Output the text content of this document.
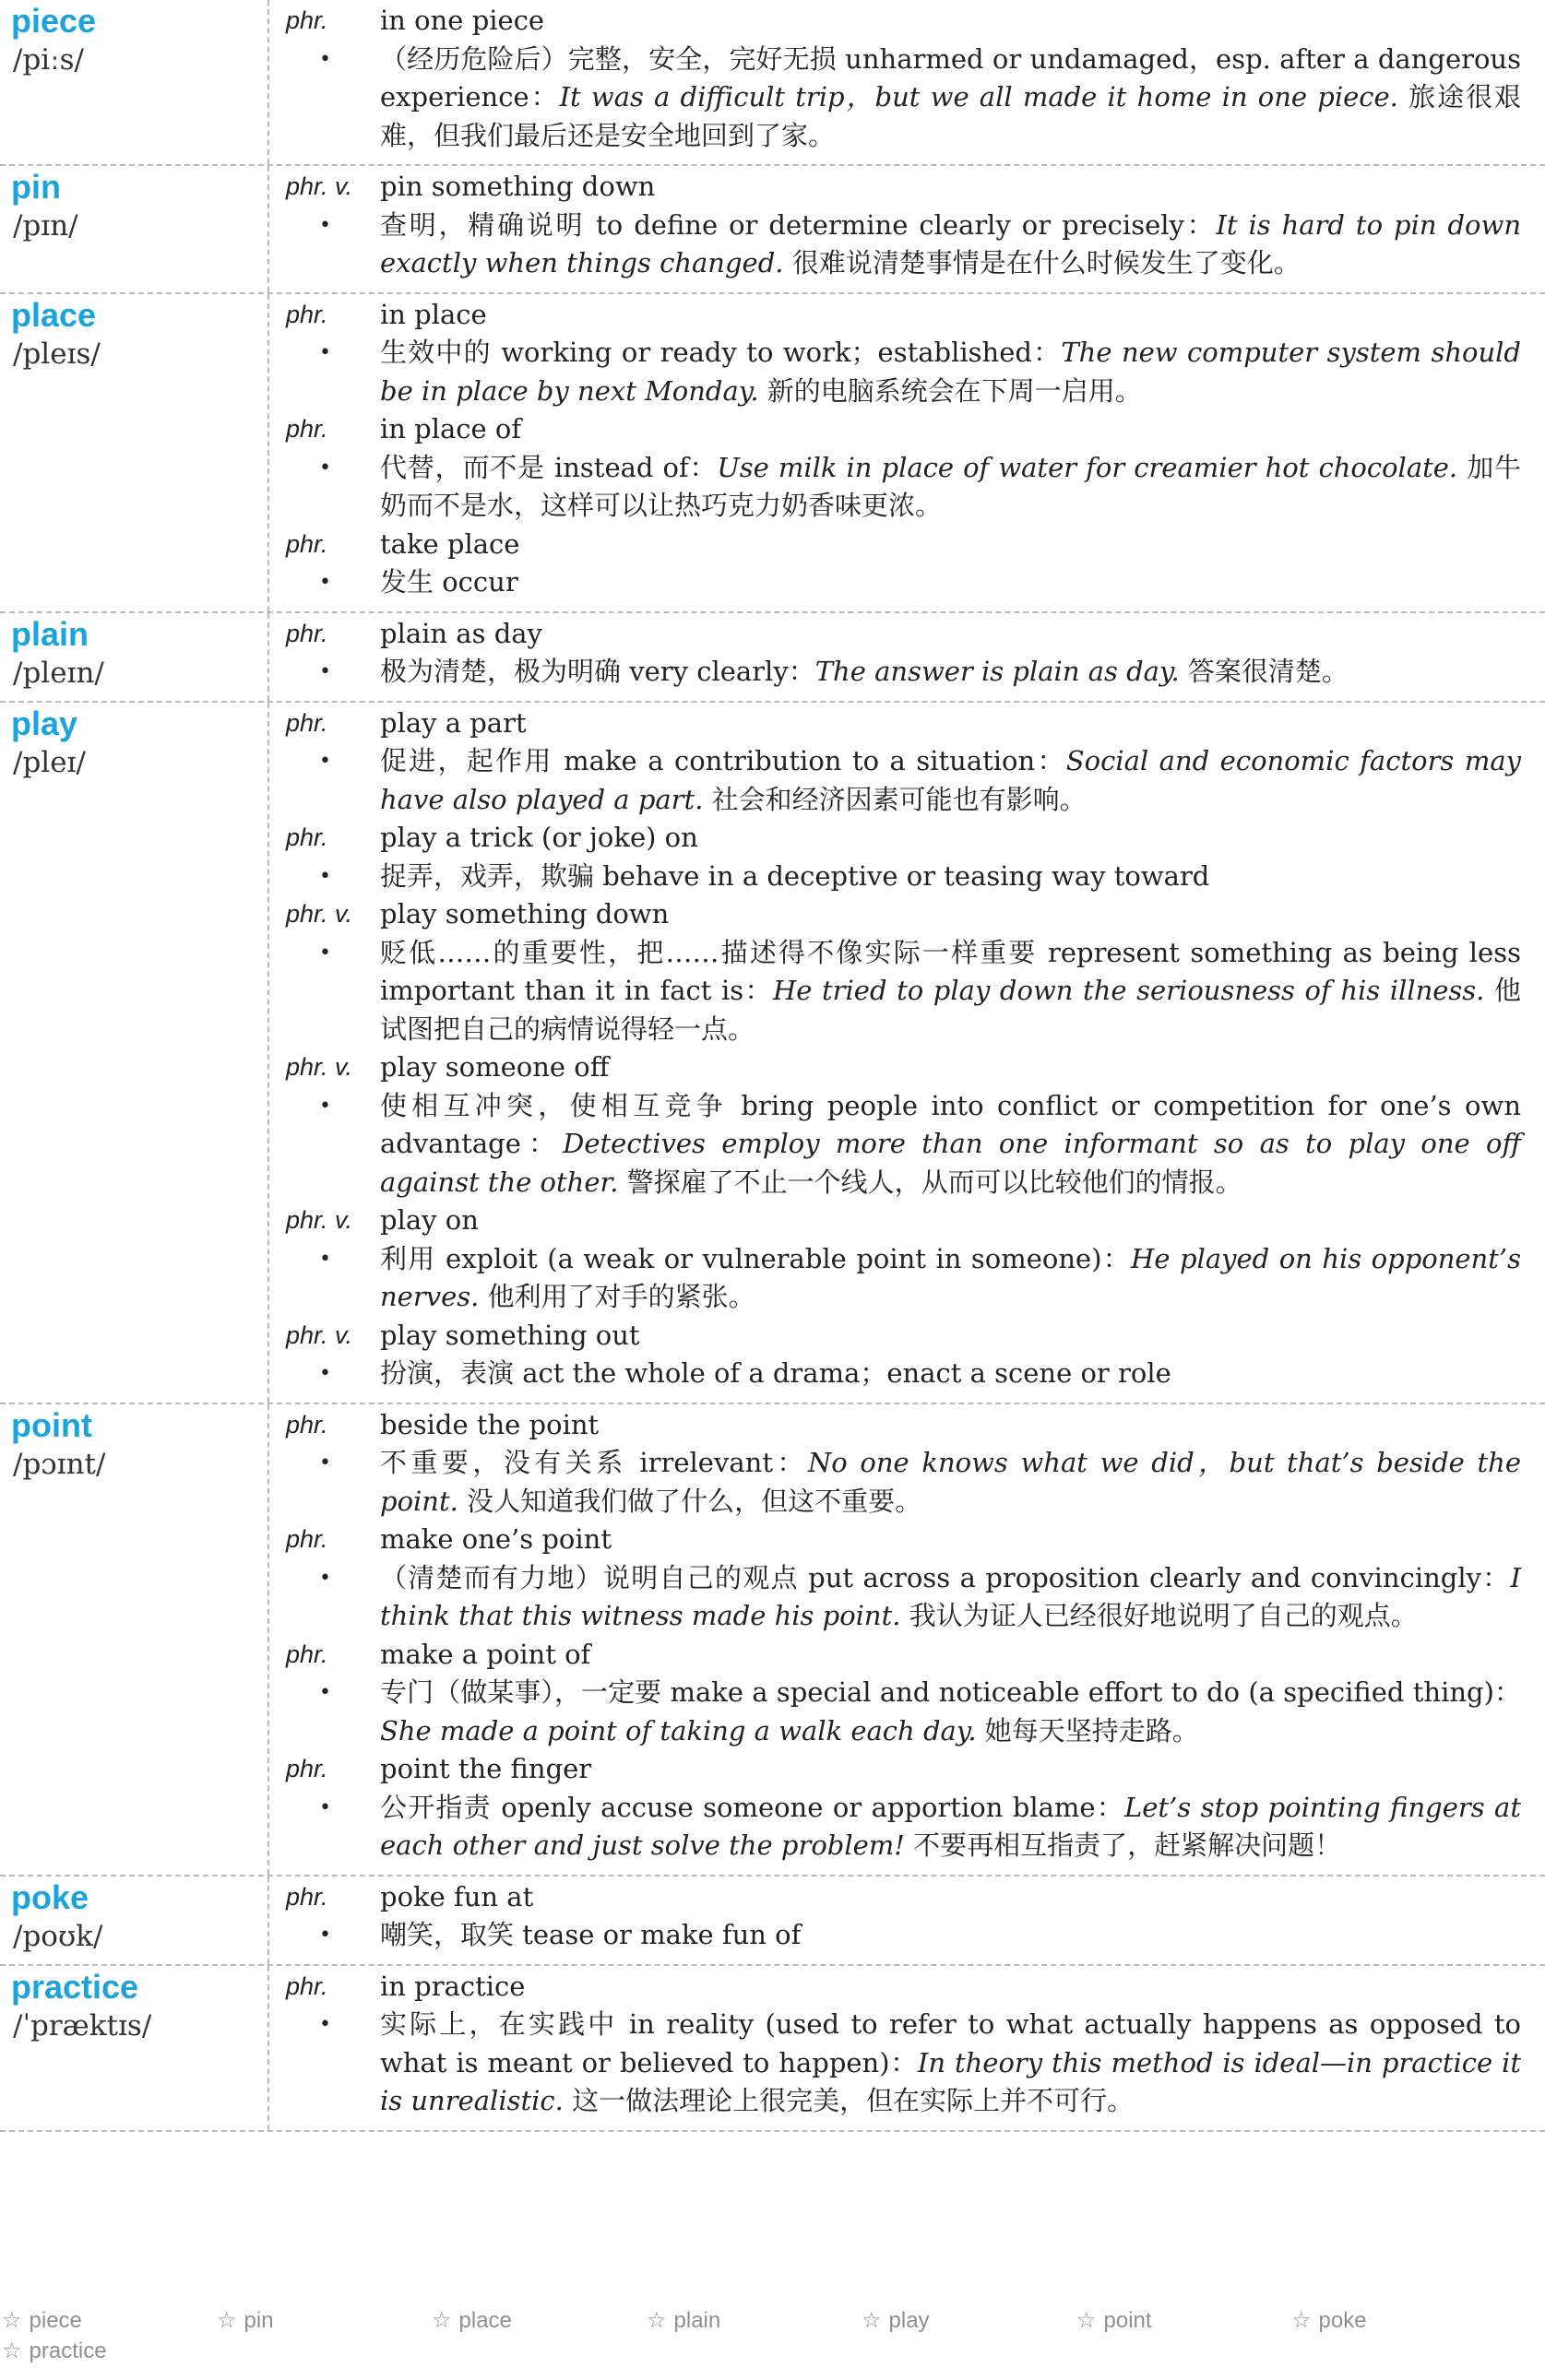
piece
/piːs/
phr.	in one piece
•	（经历危险后）完整，安全，完好无损 unharmed or undamaged，esp. after a dangerous experience：It was a difficult trip，but we all made it home in one piece. 旅途很艰难，但我们最后还是安全地回到了家。
pin
/pɪn/
phr. v.	pin something down
•	查明，精确说明 to define or determine clearly or precisely：It is hard to pin down exactly when things changed. 很难说清楚事情是在什么时候发生了变化。
place
/pleɪs/
phr.	in place
•	生效中的 working or ready to work；established：The new computer system should be in place by next Monday. 新的电脑系统会在下周一启用。
phr.	in place of
•	代替，而不是 instead of：Use milk in place of water for creamier hot chocolate. 加牛奶而不是水，这样可以让热巧克力奶香味更浓。
phr.	take place
•	发生 occur
plain
/pleɪn/
phr.	plain as day
•	极为清楚，极为明确 very clearly：The answer is plain as day. 答案很清楚。
play
/pleɪ/
phr.	play a part
•	促进，起作用 make a contribution to a situation：Social and economic factors may have also played a part. 社会和经济因素可能也有影响。
phr.	play a trick (or joke) on
•	捉弄，戏弄，欺骗 behave in a deceptive or teasing way toward
phr. v.	play something down
•	贬低……的重要性，把……描述得不像实际一样重要 represent something as being less important than it in fact is：He tried to play down the seriousness of his illness. 他试图把自己的病情说得轻一点。
phr. v.	play someone off
•	使相互冲突，使相互竞争 bring people into conflict or competition for one’s own advantage：Detectives employ more than one informant so as to play one off against the other. 警探雇了不止一个线人，从而可以比较他们的情报。
phr. v.	play on
•	利用 exploit (a weak or vulnerable point in someone)：He played on his opponent’s nerves. 他利用了对手的紧张。
phr. v.	play something out
•	扮演，表演 act the whole of a drama；enact a scene or role
point
/pɔɪnt/
phr.	beside the point
•	不重要，没有关系 irrelevant：No one knows what we did，but that’s beside the point. 没人知道我们做了什么，但这不重要。
phr.	make one’s point
•	（清楚而有力地）说明自己的观点 put across a proposition clearly and convincingly：I think that this witness made his point. 我认为证人已经很好地说明了自己的观点。
phr.	make a point of
•	专门（做某事），一定要 make a special and noticeable effort to do (a specified thing)：She made a point of taking a walk each day. 她每天坚持走路。
phr.	point the finger
•	公开指责 openly accuse someone or apportion blame：Let’s stop pointing fingers at each other and just solve the problem! 不要再相互指责了，赶紧解决问题！
poke
/poʊk/
phr.	poke fun at
•	嘲笑，取笑 tease or make fun of
practice
/ˈpræktɪs/
phr.	in practice
•	实际上，在实践中 in reality (used to refer to what actually happens as opposed to what is meant or believed to happen)：In theory this method is ideal—in practice it is unrealistic. 这一做法理论上很完美，但在实际上并不可行。
☆ piece	☆ pin	☆ place	☆ plain	☆ play	☆ point	☆ poke
☆ practice
